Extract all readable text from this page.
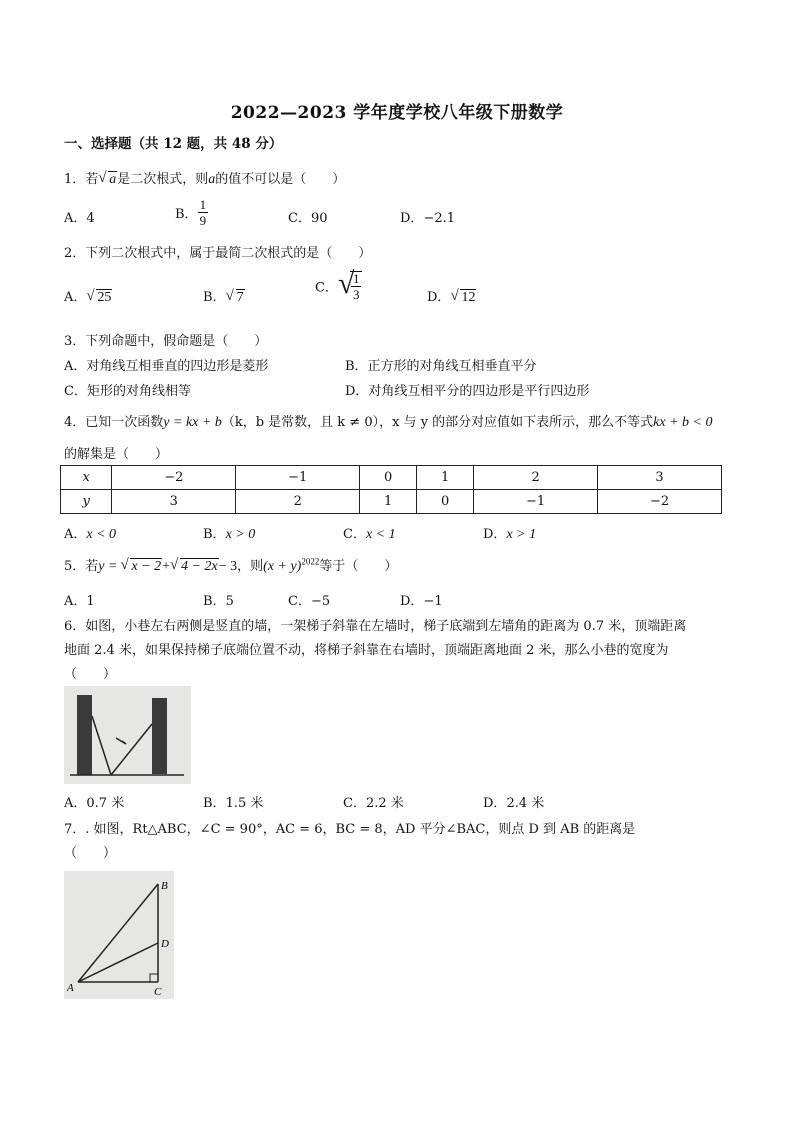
2022—2023 学年度学校八年级下册数学
一、选择题（共 12 题，共 48 分）
1．若 √ a是二次根式，则a的值不可以是（　　）
A．4	B． $\frac{1}{9}$	C．90	D．−2.1
2．下列二次根式中，属于最简二次根式的是（　　）
A． √ 25	B． √ 7
C． √
$\frac{1}{3}$	D． √ 12
3．下列命题中，假命题是（　　）
A．对角线互相垂直的四边形是菱形	B．正方形的对角线互相垂直平分
C．矩形的对角线相等	D．对角线互相平分的四边形是平行四边形
4．已知一次函数y = kx + b（k，b 是常数，且 k ≠ 0），x 与 y 的部分对应值如下表所示，那么不等式kx + b < 0
的解集是（　　）
x	−2	−1	0	1	2	3
y	3	2	1	0	−1	−2
A．x < 0	B．x > 0	C．x < 1	D．x > 1
5．若y = √ x − 2+ √ 4 − 2x− 3，则$(x + y)^{2022}$等于（　　）
A．1	B．5	C．−5	D．−1
6．如图，小巷左右两侧是竖直的墙，一架梯子斜靠在左墙时，梯子底端到左墙角的距离为 0.7 米，顶端距离
地面 2.4 米，如果保持梯子底端位置不动，将梯子斜靠在右墙时，顶端距离地面 2 米，那么小巷的宽度为
（　　）
A．0.7 米	B．1.5 米	C．2.2 米	D．2.4 米
7．. 如图，Rt△ABC，∠C = 90°，AC = 6，BC = 8，AD 平分∠BAC，则点 D 到 AB 的距离是
（　　）
B
D
A	C
